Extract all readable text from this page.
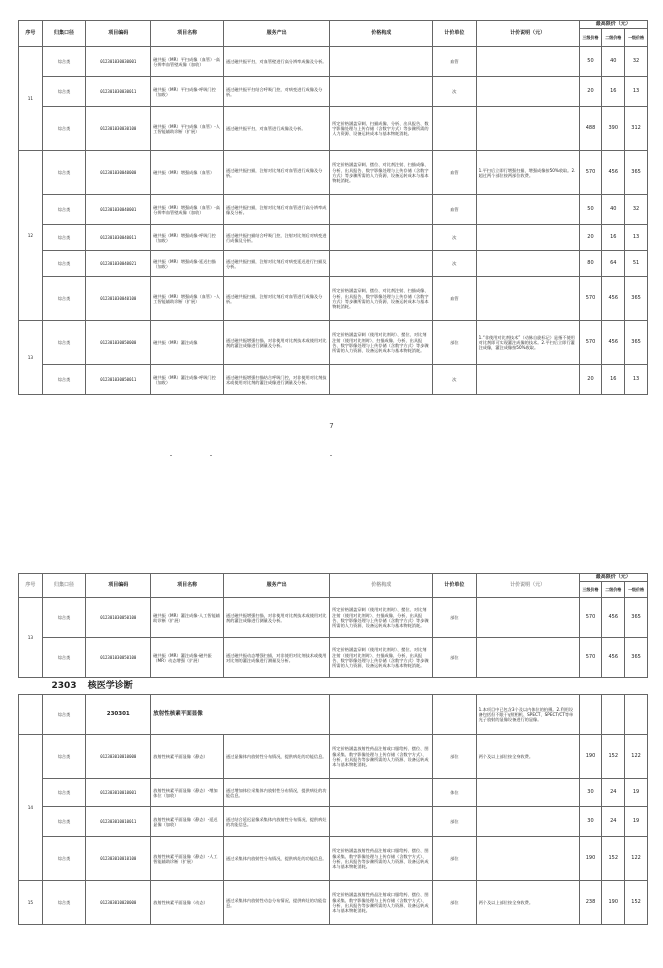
序号	归集口径	项目编码	项目名称	服务产出	价格构成	计价单位	计价说明（元）	最高限价（元）		
								三级价格	二级价格	一级价格
11	综合类	012301030030001	磁共振（MR）平扫成像（血管）-高分辨率血管壁成像（加收）	通过磁共振平扫，对血管壁进行高分辨率成像及分析。		血管		50	40	32
	综合类	012301030030011	磁共振（MR）平扫成像-呼吸门控（加收）	通过磁共振平扫结合呼吸门控，对病变进行成像及分析。		次		20	16	13
	综合类	012301030030100	磁共振（MR）平扫成像（血管）-人工智能辅助诊断（扩展）	通过磁共振平扫，对血管进行成像及分析。	所定价格涵盖穿刺、扫描成像、分析、出具报告、数字影像处理与上传存储（含数字方式）等步骤所需的人力资源、设备运转成本与基本物耗消耗。			488	390	312
12	综合类	012301030040000	磁共振（MR）增强成像（血管）	通过磁共振扫描，注射对比剂后对血管进行成像及分析。	所定价格涵盖穿刺、摆位、对比剂注射、扫描成像、分析、出具报告、数字影像处理与上传存储（含数字方式）等步骤所需的人力资源、设备运转成本与基本物耗消耗。	血管	1.平扫后立即行增强扫描，增强成像按50%收取。2.超过两个部位按两部位收费。	570	456	365
	综合类	012301030040001	磁共振（MR）增强成像（血管）-高分辨率血管壁成像（加收）	通过磁共振扫描，注射对比剂后对血管进行高分辨率成像及分析。		血管		50	40	32
	综合类	012301030040011	磁共振（MR）增强成像-呼吸门控（加收）	通过磁共振扫描结合呼吸门控，注射对比剂后对病变进行成像及分析。		次		20	16	13
	综合类	012301030040021	磁共振（MR）增强成像-延迟扫描（加收）	通过磁共振扫描，注射对比剂后对病变延迟进行扫描及分析。		次		80	64	51
	综合类	012301030040100	磁共振（MR）增强成像（血管）-人工智能辅助诊断（扩展）	通过磁共振扫描，注射对比剂后对血管进行成像及分析。	所定价格涵盖穿刺、摆位、对比剂注射、扫描成像、分析、出具报告、数字影像处理与上传存储（含数字方式）等步骤所需的人力资源、设备运转成本与基本物耗消耗。	血管		570	456	365
13	综合类	012301030050000	磁共振（MR）灌注成像	通过磁共振增强扫描，对非使用对比剂技术或使用对比剂的灌注成像进行测量及分析。	所定价格涵盖穿刺（使用对比剂时）、摆位、对比剂注射（使用对比剂时）、扫描成像、分析、出具报告、数字影像处理与上传存储（含数字方式）等步骤所需的人力资源、设备运转成本与基本物耗消耗。	部位	1.“非使用对比剂技术”（动脉自旋标记）是指不使用对比剂即可实现灌注成像的技术。2.平扫后立即行灌注成像，灌注成像按50%收取。	570	456	365
	综合类	012301030050011	磁共振（MR）灌注成像-呼吸门控（加收）	通过磁共振增强扫描结合呼吸门控，对非使用对比剂技术或使用对比剂的灌注成像进行测量及分析。		次		20	16	13
7
序号	归集口径	项目编码	项目名称	服务产出	价格构成	计价单位	计价说明（元）	最高限价（元）		
								三级价格	二级价格	一级价格
13	综合类	012301030050100	磁共振（MR）灌注成像-人工智能辅助诊断（扩展）	通过磁共振增强扫描，对非使用对比剂技术或使用对比剂的灌注成像进行测量及分析。	所定价格涵盖穿刺（使用对比剂时）、摆位、对比剂注射（使用对比剂时）、扫描成像、分析、出具报告、数字影像处理与上传存储（含数字方式）等步骤所需的人力资源、设备运转成本与基本物耗消耗。	部位		570	456	365
	综合类	012301030050100	磁共振（MR）灌注成像-磁共振（MR）动态增强（扩展）	通过磁共振动态增强扫描，对非使用对比剂技术或使用对比剂的灌注成像进行测量及分析。	所定价格涵盖穿刺（使用对比剂时）、摆位、对比剂注射（使用对比剂时）、扫描成像、分析、出具报告、数字影像处理与上传存储（含数字方式）等步骤所需的人力资源、设备运转成本与基本物耗消耗。	部位		570	456	365
	2303	核医学诊断								
	综合类	230301	放射性核素平面显像				1.本项目中已包含3个及以内体位的拍摄。2.利用设备包括但不限于γ照相机、SPECT、SPECT/CT等单光子放射的显像设备进行的显像。			
14	综合类	012303010010000	放射性核素平面显像（静态）	通过显像体内放射性分布情况，提供病灶的功能信息。	所定价格涵盖放射性药品注射或口服给药、摆位、图像采集、数字影像处理与上传存储（含数字方式）、分析、出具报告等步骤所需的人力资源、设备运转成本与基本物耗消耗。	部位	两个及以上部位按全身收费。	190	152	122
	综合类	012303010010001	放射性核素平面显像（静态）-增加体位（加收）	通过增加体位采集体内放射性分布情况，提供病灶的功能信息。		体位		30	24	19
	综合类	012303010010011	放射性核素平面显像（静态）-延迟显像（加收）	通过结合延迟显像采集体内放射性分布情况，提供病灶的功能信息。		部位		30	24	19
	综合类	012303010010100	放射性核素平面显像（静态）-人工智能辅助诊断（扩展）	通过采集体内放射性分布情况，提供病灶的功能信息。	所定价格涵盖放射性药品注射或口服给药、摆位、图像采集、数字影像处理与上传存储（含数字方式）、分析、出具报告等步骤所需的人力资源、设备运转成本与基本物耗消耗。	部位		190	152	122
15	综合类	012303010020000	放射性核素平面显像（动态）	通过采集体内放射性动态分布情况，提供病灶的功能信息。	所定价格涵盖放射性药品注射或口服给药、摆位、图像采集、数字影像处理与上传存储（含数字方式）、分析、出具报告等步骤所需的人力资源、设备运转成本与基本物耗消耗。	部位	两个及以上部位按全身收费。	238	190	152
